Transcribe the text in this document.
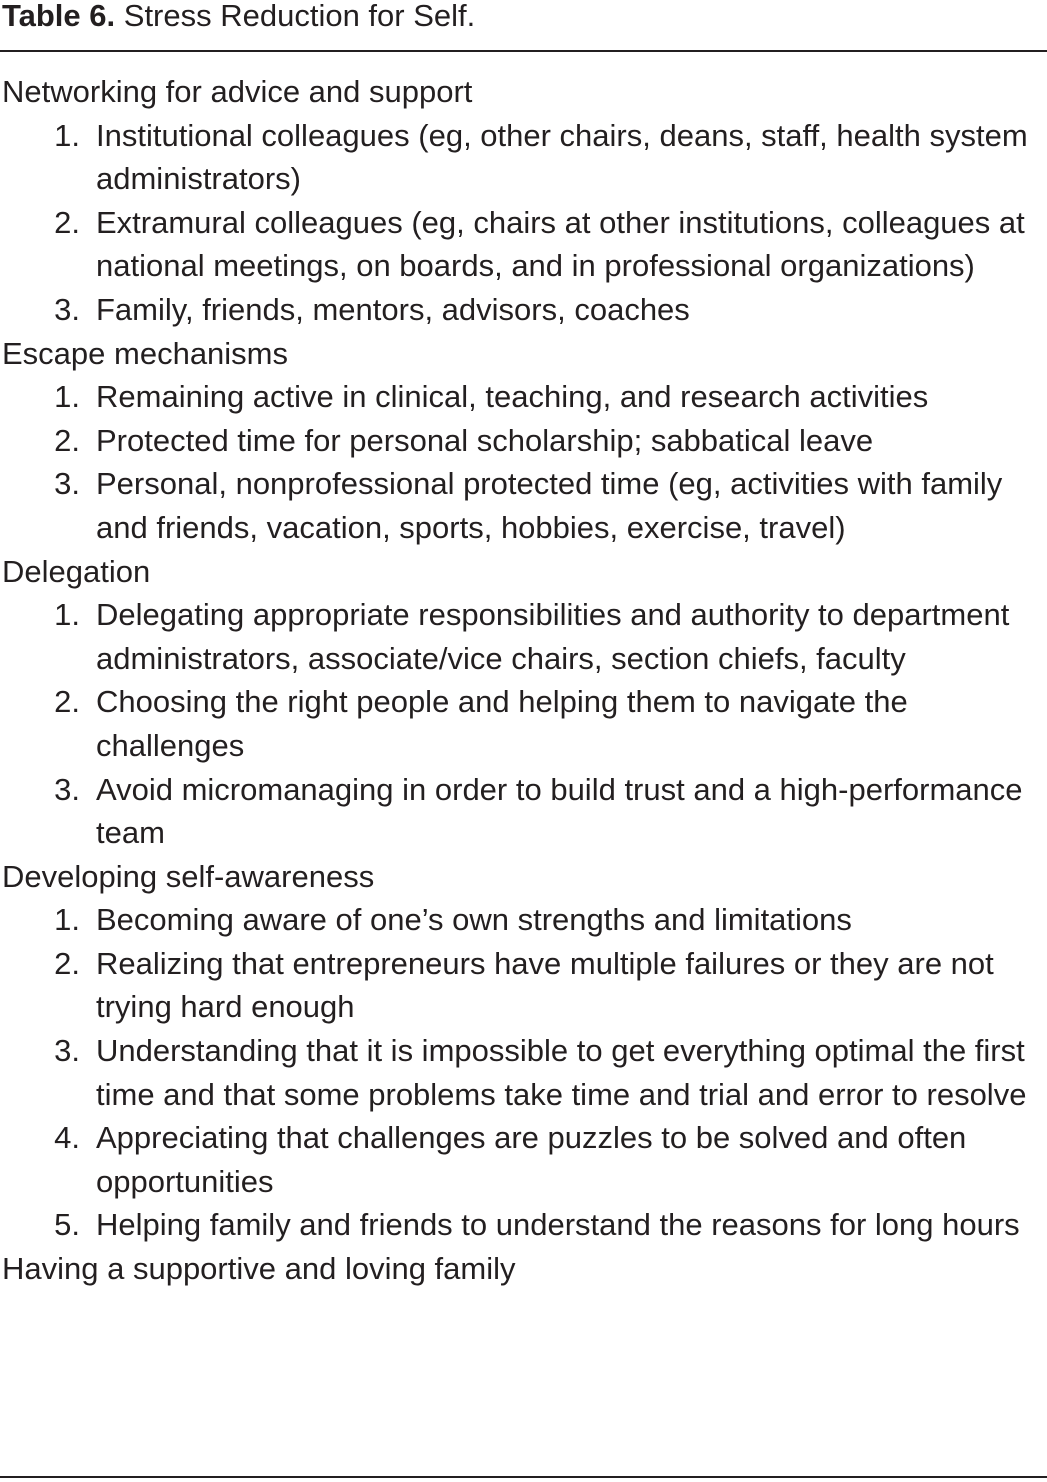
Table 6. Stress Reduction for Self.
Networking for advice and support
1. Institutional colleagues (eg, other chairs, deans, staff, health system administrators)
2. Extramural colleagues (eg, chairs at other institutions, colleagues at national meetings, on boards, and in professional organizations)
3. Family, friends, mentors, advisors, coaches
Escape mechanisms
1. Remaining active in clinical, teaching, and research activities
2. Protected time for personal scholarship; sabbatical leave
3. Personal, nonprofessional protected time (eg, activities with family and friends, vacation, sports, hobbies, exercise, travel)
Delegation
1. Delegating appropriate responsibilities and authority to department administrators, associate/vice chairs, section chiefs, faculty
2. Choosing the right people and helping them to navigate the challenges
3. Avoid micromanaging in order to build trust and a high-performance team
Developing self-awareness
1. Becoming aware of one’s own strengths and limitations
2. Realizing that entrepreneurs have multiple failures or they are not trying hard enough
3. Understanding that it is impossible to get everything optimal the first time and that some problems take time and trial and error to resolve
4. Appreciating that challenges are puzzles to be solved and often opportunities
5. Helping family and friends to understand the reasons for long hours
Having a supportive and loving family
